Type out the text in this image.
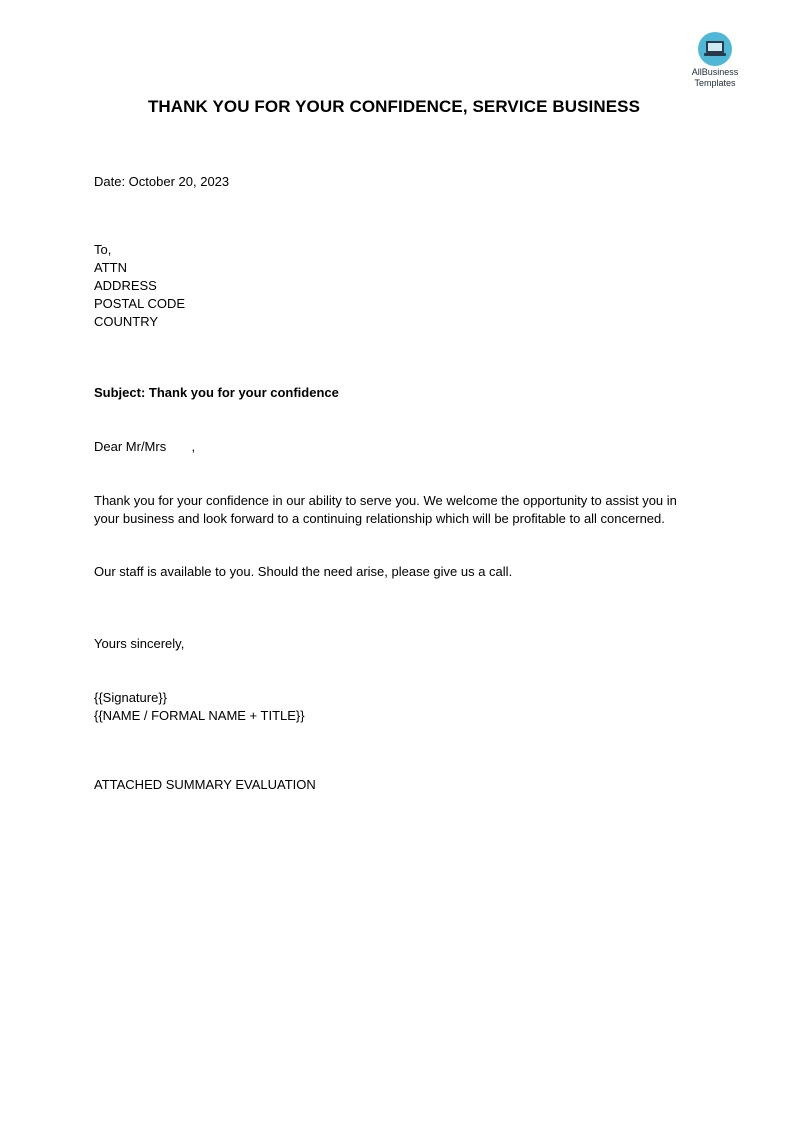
AllBusiness
Templates
THANK YOU FOR YOUR CONFIDENCE, SERVICE BUSINESS
Date: October 20, 2023
To,
ATTN
ADDRESS
POSTAL CODE
COUNTRY
Subject: Thank you for your confidence
Dear Mr/Mrs       ,
Thank you for your confidence in our ability to serve you. We welcome the opportunity to assist you in your business and look forward to a continuing relationship which will be profitable to all concerned.
Our staff is available to you. Should the need arise, please give us a call.
Yours sincerely,
{{Signature}}
{{NAME / FORMAL NAME + TITLE}}
ATTACHED SUMMARY EVALUATION
